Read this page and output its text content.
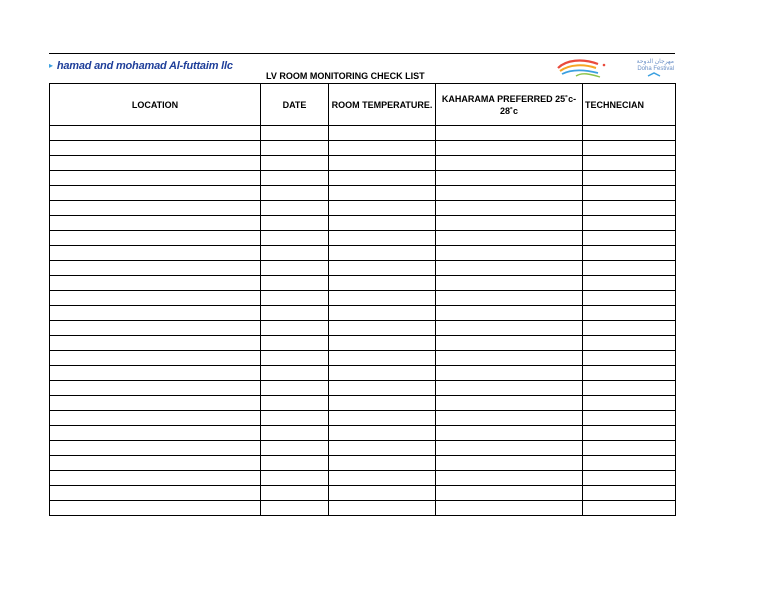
▸ hamad and mohamad Al-futtaim llc
LV ROOM MONITORING CHECK LIST
مهرجان الدوحة
Doha Festival
LOCATION	DATE	ROOM TEMPERATURE.	KAHARAMA PREFERRED 25˚c-28˚c	TECHNECIAN
